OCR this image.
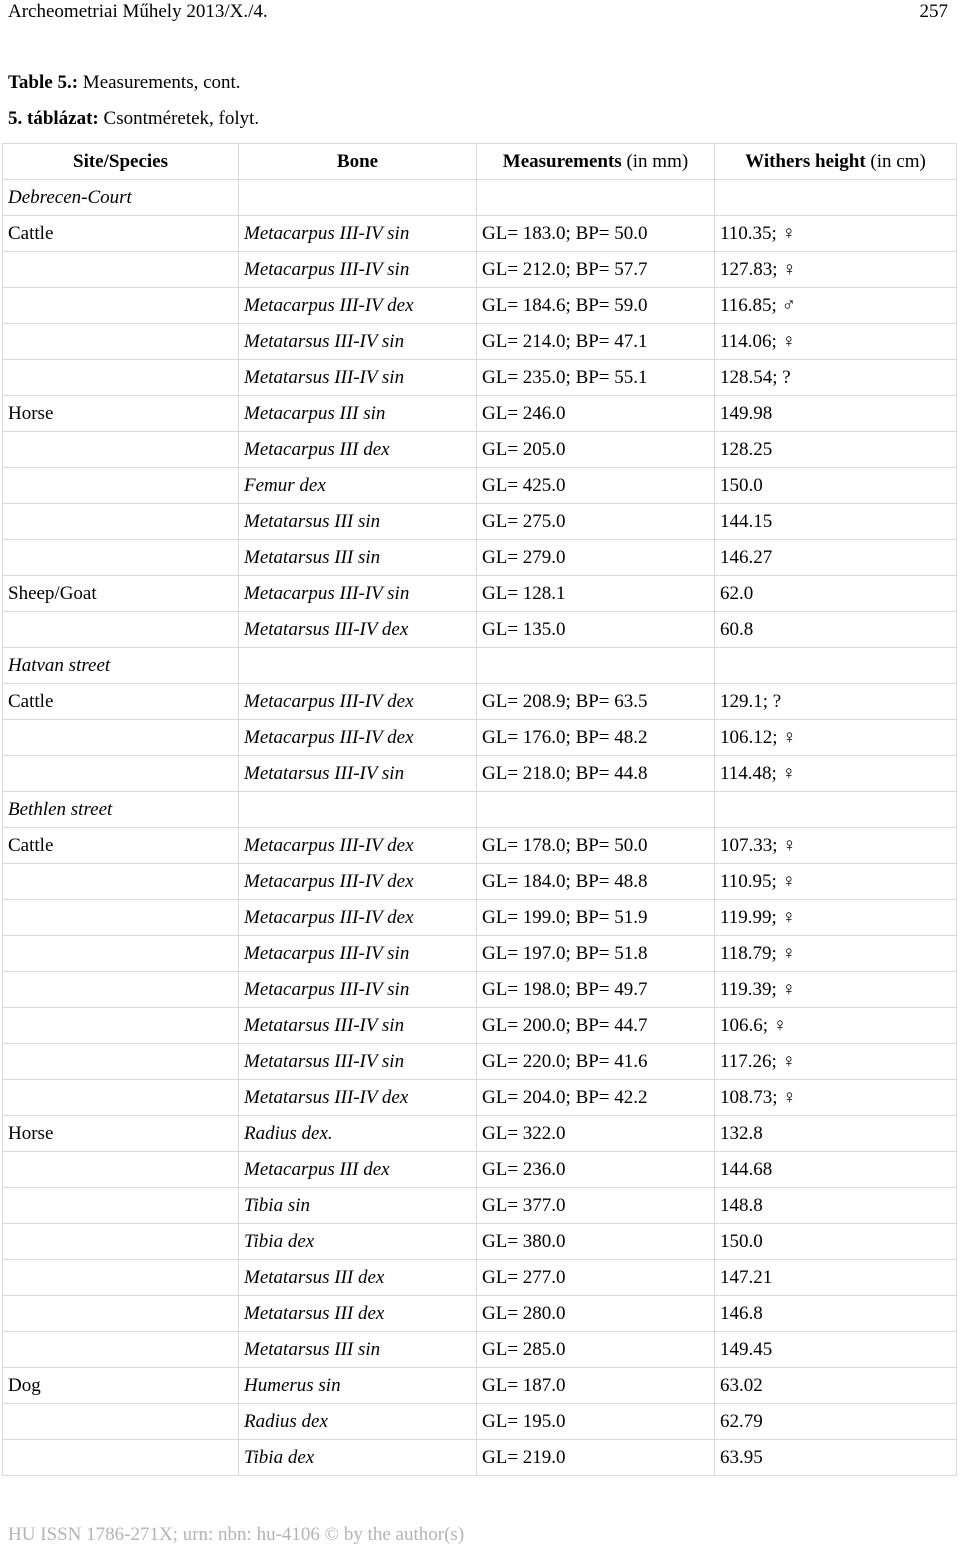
Archeometriai Műhely 2013/X./4.	257
Table 5.: Measurements, cont.
5. táblázat: Csontméretek, folyt.
Site/Species	Bone	Measurements (in mm)	Withers height (in cm)
Debrecen-Court			
Cattle	Metacarpus III-IV sin	GL= 183.0; BP= 50.0	110.35; ♀
	Metacarpus III-IV sin	GL= 212.0; BP= 57.7	127.83; ♀
	Metacarpus III-IV dex	GL= 184.6; BP= 59.0	116.85; ♂
	Metatarsus III-IV sin	GL= 214.0; BP= 47.1	114.06; ♀
	Metatarsus III-IV sin	GL= 235.0; BP= 55.1	128.54; ?
Horse	Metacarpus III sin	GL= 246.0	149.98
	Metacarpus III dex	GL= 205.0	128.25
	Femur dex	GL= 425.0	150.0
	Metatarsus III sin	GL= 275.0	144.15
	Metatarsus III sin	GL= 279.0	146.27
Sheep/Goat	Metacarpus III-IV sin	GL= 128.1	62.0
	Metatarsus III-IV dex	GL= 135.0	60.8
Hatvan street			
Cattle	Metacarpus III-IV dex	GL= 208.9; BP= 63.5	129.1; ?
	Metacarpus III-IV dex	GL= 176.0; BP= 48.2	106.12; ♀
	Metatarsus III-IV sin	GL= 218.0; BP= 44.8	114.48; ♀
Bethlen street			
Cattle	Metacarpus III-IV dex	GL= 178.0; BP= 50.0	107.33; ♀
	Metacarpus III-IV dex	GL= 184.0; BP= 48.8	110.95; ♀
	Metacarpus III-IV dex	GL= 199.0; BP= 51.9	119.99; ♀
	Metacarpus III-IV sin	GL= 197.0; BP= 51.8	118.79; ♀
	Metacarpus III-IV sin	GL= 198.0; BP= 49.7	119.39; ♀
	Metatarsus III-IV sin	GL= 200.0; BP= 44.7	106.6; ♀
	Metatarsus III-IV sin	GL= 220.0; BP= 41.6	117.26; ♀
	Metatarsus III-IV dex	GL= 204.0; BP= 42.2	108.73; ♀
Horse	Radius dex.	GL= 322.0	132.8
	Metacarpus III dex	GL= 236.0	144.68
	Tibia sin	GL= 377.0	148.8
	Tibia dex	GL= 380.0	150.0
	Metatarsus III dex	GL= 277.0	147.21
	Metatarsus III dex	GL= 280.0	146.8
	Metatarsus III sin	GL= 285.0	149.45
Dog	Humerus sin	GL= 187.0	63.02
	Radius dex	GL= 195.0	62.79
	Tibia dex	GL= 219.0	63.95
HU ISSN 1786-271X; urn: nbn: hu-4106 © by the author(s)
